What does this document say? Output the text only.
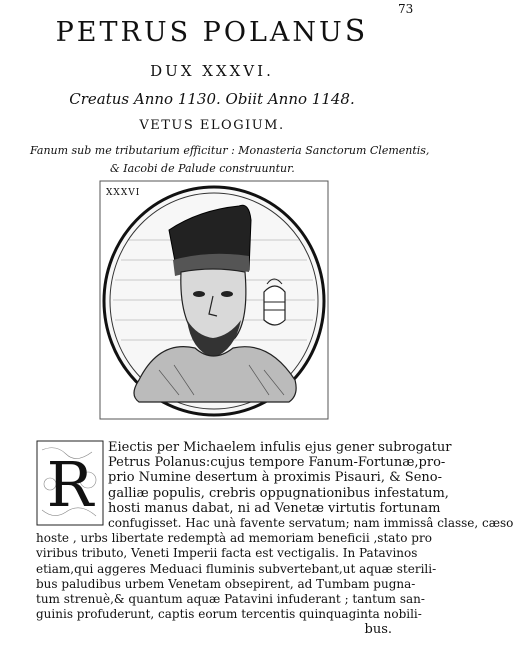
73
PETRUS POLANUS
DUX XXXVI.
Creatus Anno 1130. Obiit Anno 1148.
VETUS ELOGIUM.
Fanum sub me tributarium efficitur : Monasteria Sanctorum Clementis,
& Iacobi de Palude construuntur.
XXXVI
R
Eiectis per Michaelem infulis ejus gener subrogatur
Petrus Polanus:cujus tempore Fanum-Fortunæ,pro-
prio Numine desertum à proximis Pisauri, & Seno-
galliæ populis, crebris oppugnationibus infestatum,
hosti manus dabat, ni ad Venetæ virtutis fortunam
confugisset. Hac unà favente servatum; nam immissâ classe, cæso
hoste , urbs libertate redemptà ad memoriam beneficii ,stato pro
viribus tributo, Veneti Imperii facta est vectigalis. In Patavinos
etiam,qui aggeres Meduaci fluminis subvertebant,ut aquæ sterili-
bus paludibus urbem Venetam obsepirent, ad Tumbam pugna-
tum strenuè,& quantum aquæ Patavini infuderant ; tantum san-
guinis profuderunt, captis eorum tercentis quinquaginta nobili-
bus.
